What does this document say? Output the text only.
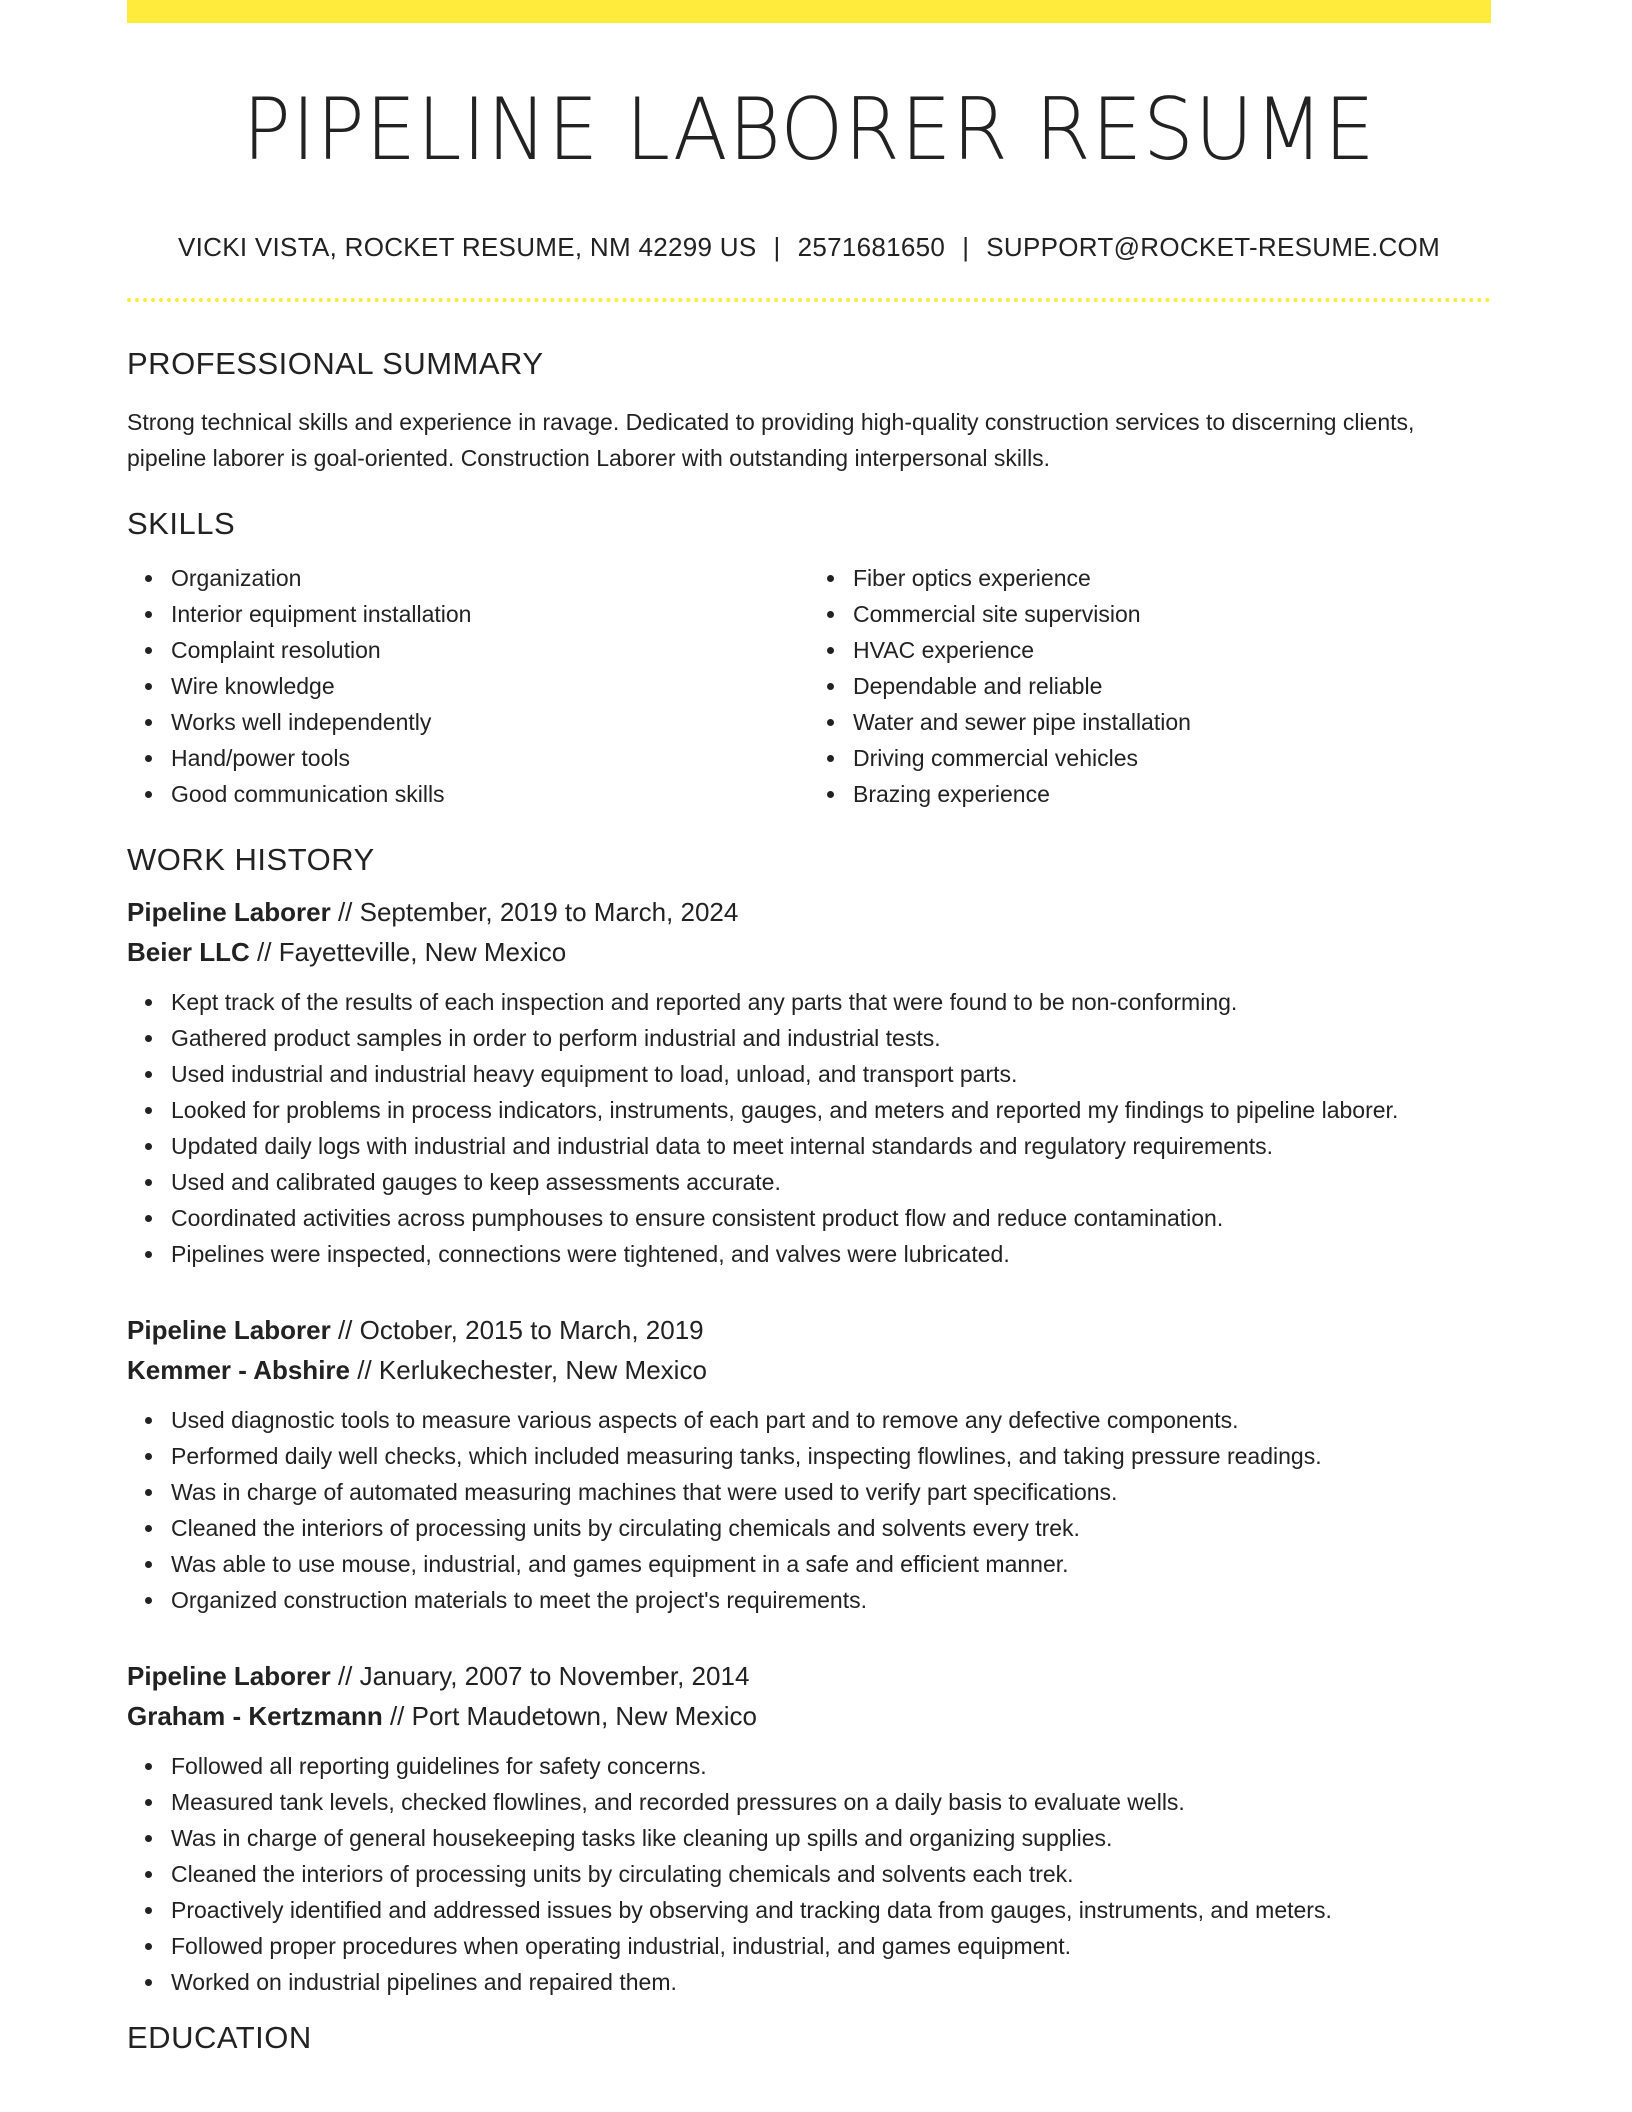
PIPELINE LABORER RESUME
VICKI VISTA, ROCKET RESUME, NM 42299 US | 2571681650 | SUPPORT@ROCKET-RESUME.COM
PROFESSIONAL SUMMARY

Strong technical skills and experience in ravage. Dedicated to providing high-quality construction services to discerning clients, pipeline laborer is goal-oriented. Construction Laborer with outstanding interpersonal skills.

SKILLS
Organization
Interior equipment installation
Complaint resolution
Wire knowledge
Works well independently
Hand/power tools
Good communication skills
Fiber optics experience
Commercial site supervision
HVAC experience
Dependable and reliable
Water and sewer pipe installation
Driving commercial vehicles
Brazing experience
WORK HISTORY
Pipeline Laborer // September, 2019 to March, 2024
Beier LLC // Fayetteville, New Mexico
Kept track of the results of each inspection and reported any parts that were found to be non-conforming.
Gathered product samples in order to perform industrial and industrial tests.
Used industrial and industrial heavy equipment to load, unload, and transport parts.
Looked for problems in process indicators, instruments, gauges, and meters and reported my findings to pipeline laborer.
Updated daily logs with industrial and industrial data to meet internal standards and regulatory requirements.
Used and calibrated gauges to keep assessments accurate.
Coordinated activities across pumphouses to ensure consistent product flow and reduce contamination.
Pipelines were inspected, connections were tightened, and valves were lubricated.
Pipeline Laborer // October, 2015 to March, 2019
Kemmer - Abshire // Kerlukechester, New Mexico
Used diagnostic tools to measure various aspects of each part and to remove any defective components.
Performed daily well checks, which included measuring tanks, inspecting flowlines, and taking pressure readings.
Was in charge of automated measuring machines that were used to verify part specifications.
Cleaned the interiors of processing units by circulating chemicals and solvents every trek.
Was able to use mouse, industrial, and games equipment in a safe and efficient manner.
Organized construction materials to meet the project's requirements.
Pipeline Laborer // January, 2007 to November, 2014
Graham - Kertzmann // Port Maudetown, New Mexico
Followed all reporting guidelines for safety concerns.
Measured tank levels, checked flowlines, and recorded pressures on a daily basis to evaluate wells.
Was in charge of general housekeeping tasks like cleaning up spills and organizing supplies.
Cleaned the interiors of processing units by circulating chemicals and solvents each trek.
Proactively identified and addressed issues by observing and tracking data from gauges, instruments, and meters.
Followed proper procedures when operating industrial, industrial, and games equipment.
Worked on industrial pipelines and repaired them.
EDUCATION
